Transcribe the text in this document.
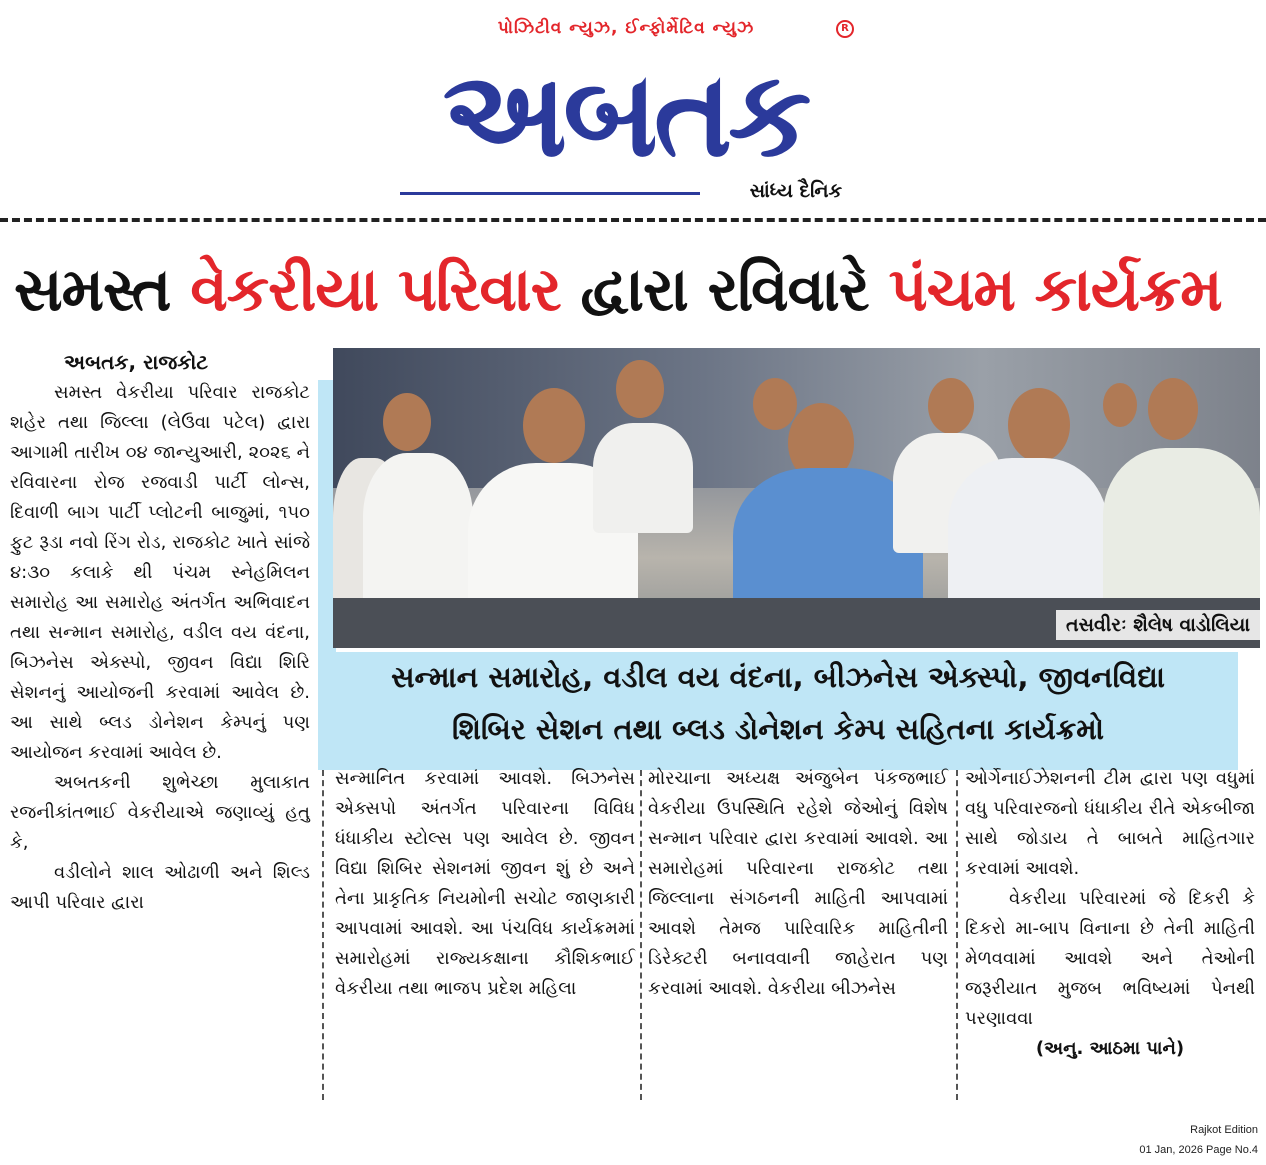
પોઝિટીવ ન્યુઝ, ઈન્ફોર્મેટિવ ન્યુઝ	R
અબતક
સાંધ્ય દૈનિક
સમસ્ત વેકરીયા પરિવાર દ્વારા રવિવારે પંચમ કાર્યક્રમ
અબતક, રાજકોટ
તસવીરઃ શૈલેષ વાડોલિયા
સન્માન સમારોહ, વડીલ વય વંદના, બીઝનેસ એક્સ્પો, જીવનવિદ્યા
શિબિર સેશન તથા બ્લડ ડોનેશન કેમ્પ સહિતના કાર્યક્રમો

સમસ્ત વેકરીયા પરિવાર રાજકોટ શહેર તથા જિલ્લા (લેઉવા પટેલ) દ્વારા આગામી તારીખ ૦૪ જાન્યુઆરી, ૨૦૨૬ ને રવિવારના રોજ રજવાડી પાર્ટી લોન્સ, દિવાળી બાગ પાર્ટી પ્લોટની બાજુમાં, ૧૫૦ ફુટ રૂડા નવો રિંગ રોડ, રાજકોટ ખાતે સાંજે ૪:૩૦ કલાકે થી પંચમ સ્નેહમિલન સમારોહ આ સમારોહ અંતર્ગત અભિવાદન તથા સન્માન સમારોહ, વડીલ વય વંદના, બિઝનેસ એક્સ્પો, જીવન વિદ્યા શિરિ સેશનનું આયોજની કરવામાં આવેલ છે. આ સાથે બ્લડ ડોનેશન કેમ્પનું પણ આયોજન કરવામાં આવેલ છે.

અબતકની શુભેચ્છા મુલાકાત રજનીકાંતભાઈ વેકરીયાએ જણાવ્યું હતુ કે,

વડીલોને શાલ ઓઢાળી અને શિલ્ડ આપી પરિવાર દ્વારા

સન્માનિત કરવામાં આવશે. બિઝનેસ એક્સપો અંતર્ગત પરિવારના વિવિધ ધંધાકીય સ્ટોલ્સ પણ આવેલ છે. જીવન વિદ્યા શિબિર સેશનમાં જીવન શું છે અને તેના પ્રાકૃતિક નિયમોની સચોટ જાણકારી આપવામાં આવશે. આ પંચવિધ કાર્યક્રમમાં સમારોહમાં રાજ્યકક્ષાના કૌશિકભાઈ વેકરીયા તથા ભાજપ પ્રદેશ મહિલા

મોરચાના અધ્યક્ષ અંજુબેન પંકજભાઈ વેકરીયા ઉપસ્થિતિ રહેશે જેઓનું વિશેષ સન્માન પરિવાર દ્વારા કરવામાં આવશે. આ સમારોહમાં પરિવારના રાજકોટ તથા જિલ્લાના સંગઠનની માહિતી આપવામાં આવશે તેમજ પારિવારિક માહિતીની ડિરેક્ટરી બનાવવાની જાહેરાત પણ કરવામાં આવશે. વેકરીયા બીઝનેસ

ઓર્ગેનાઈઝેશનની ટીમ દ્વારા પણ વધુમાં વધુ પરિવારજનો ધંધાકીય રીતે એકબીજા સાથે જોડાય તે બાબતે માહિતગાર કરવામાં આવશે.

વેકરીયા પરિવારમાં જે દિકરી કે દિકરો મા-બાપ વિનાના છે તેની માહિતી મેળવવામાં આવશે અને તેઓની જરૂરીયાત મુજબ ભવિષ્યમાં પેનથી પરણાવવા

(અનુ. આઠમા પાને)

Rajkot Edition
01 Jan, 2026 Page No.4
